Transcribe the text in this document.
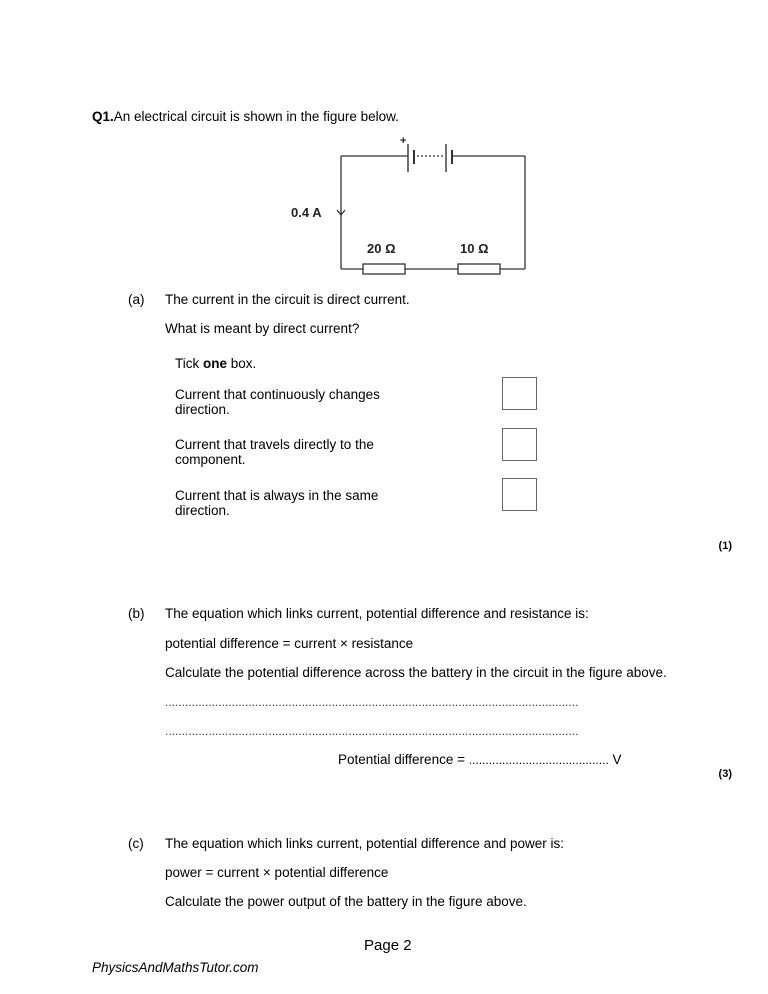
Q1.An electrical circuit is shown in the figure below.
+
0.4 A
20 Ω	10 Ω
(a) The current in the circuit is direct current.
What is meant by direct current?
Tick one box.
Current that continuously changes direction.
Current that travels directly to the component.
Current that is always in the same direction.
(1)
(b) The equation which links current, potential difference and resistance is:
potential difference = current × resistance
Calculate the potential difference across the battery in the circuit in the figure above.
............................................................................................................................
............................................................................................................................
Potential difference = .......................................... V
(3)
(c) The equation which links current, potential difference and power is:
power = current × potential difference
Calculate the power output of the battery in the figure above.
Page 2
PhysicsAndMathsTutor.com
